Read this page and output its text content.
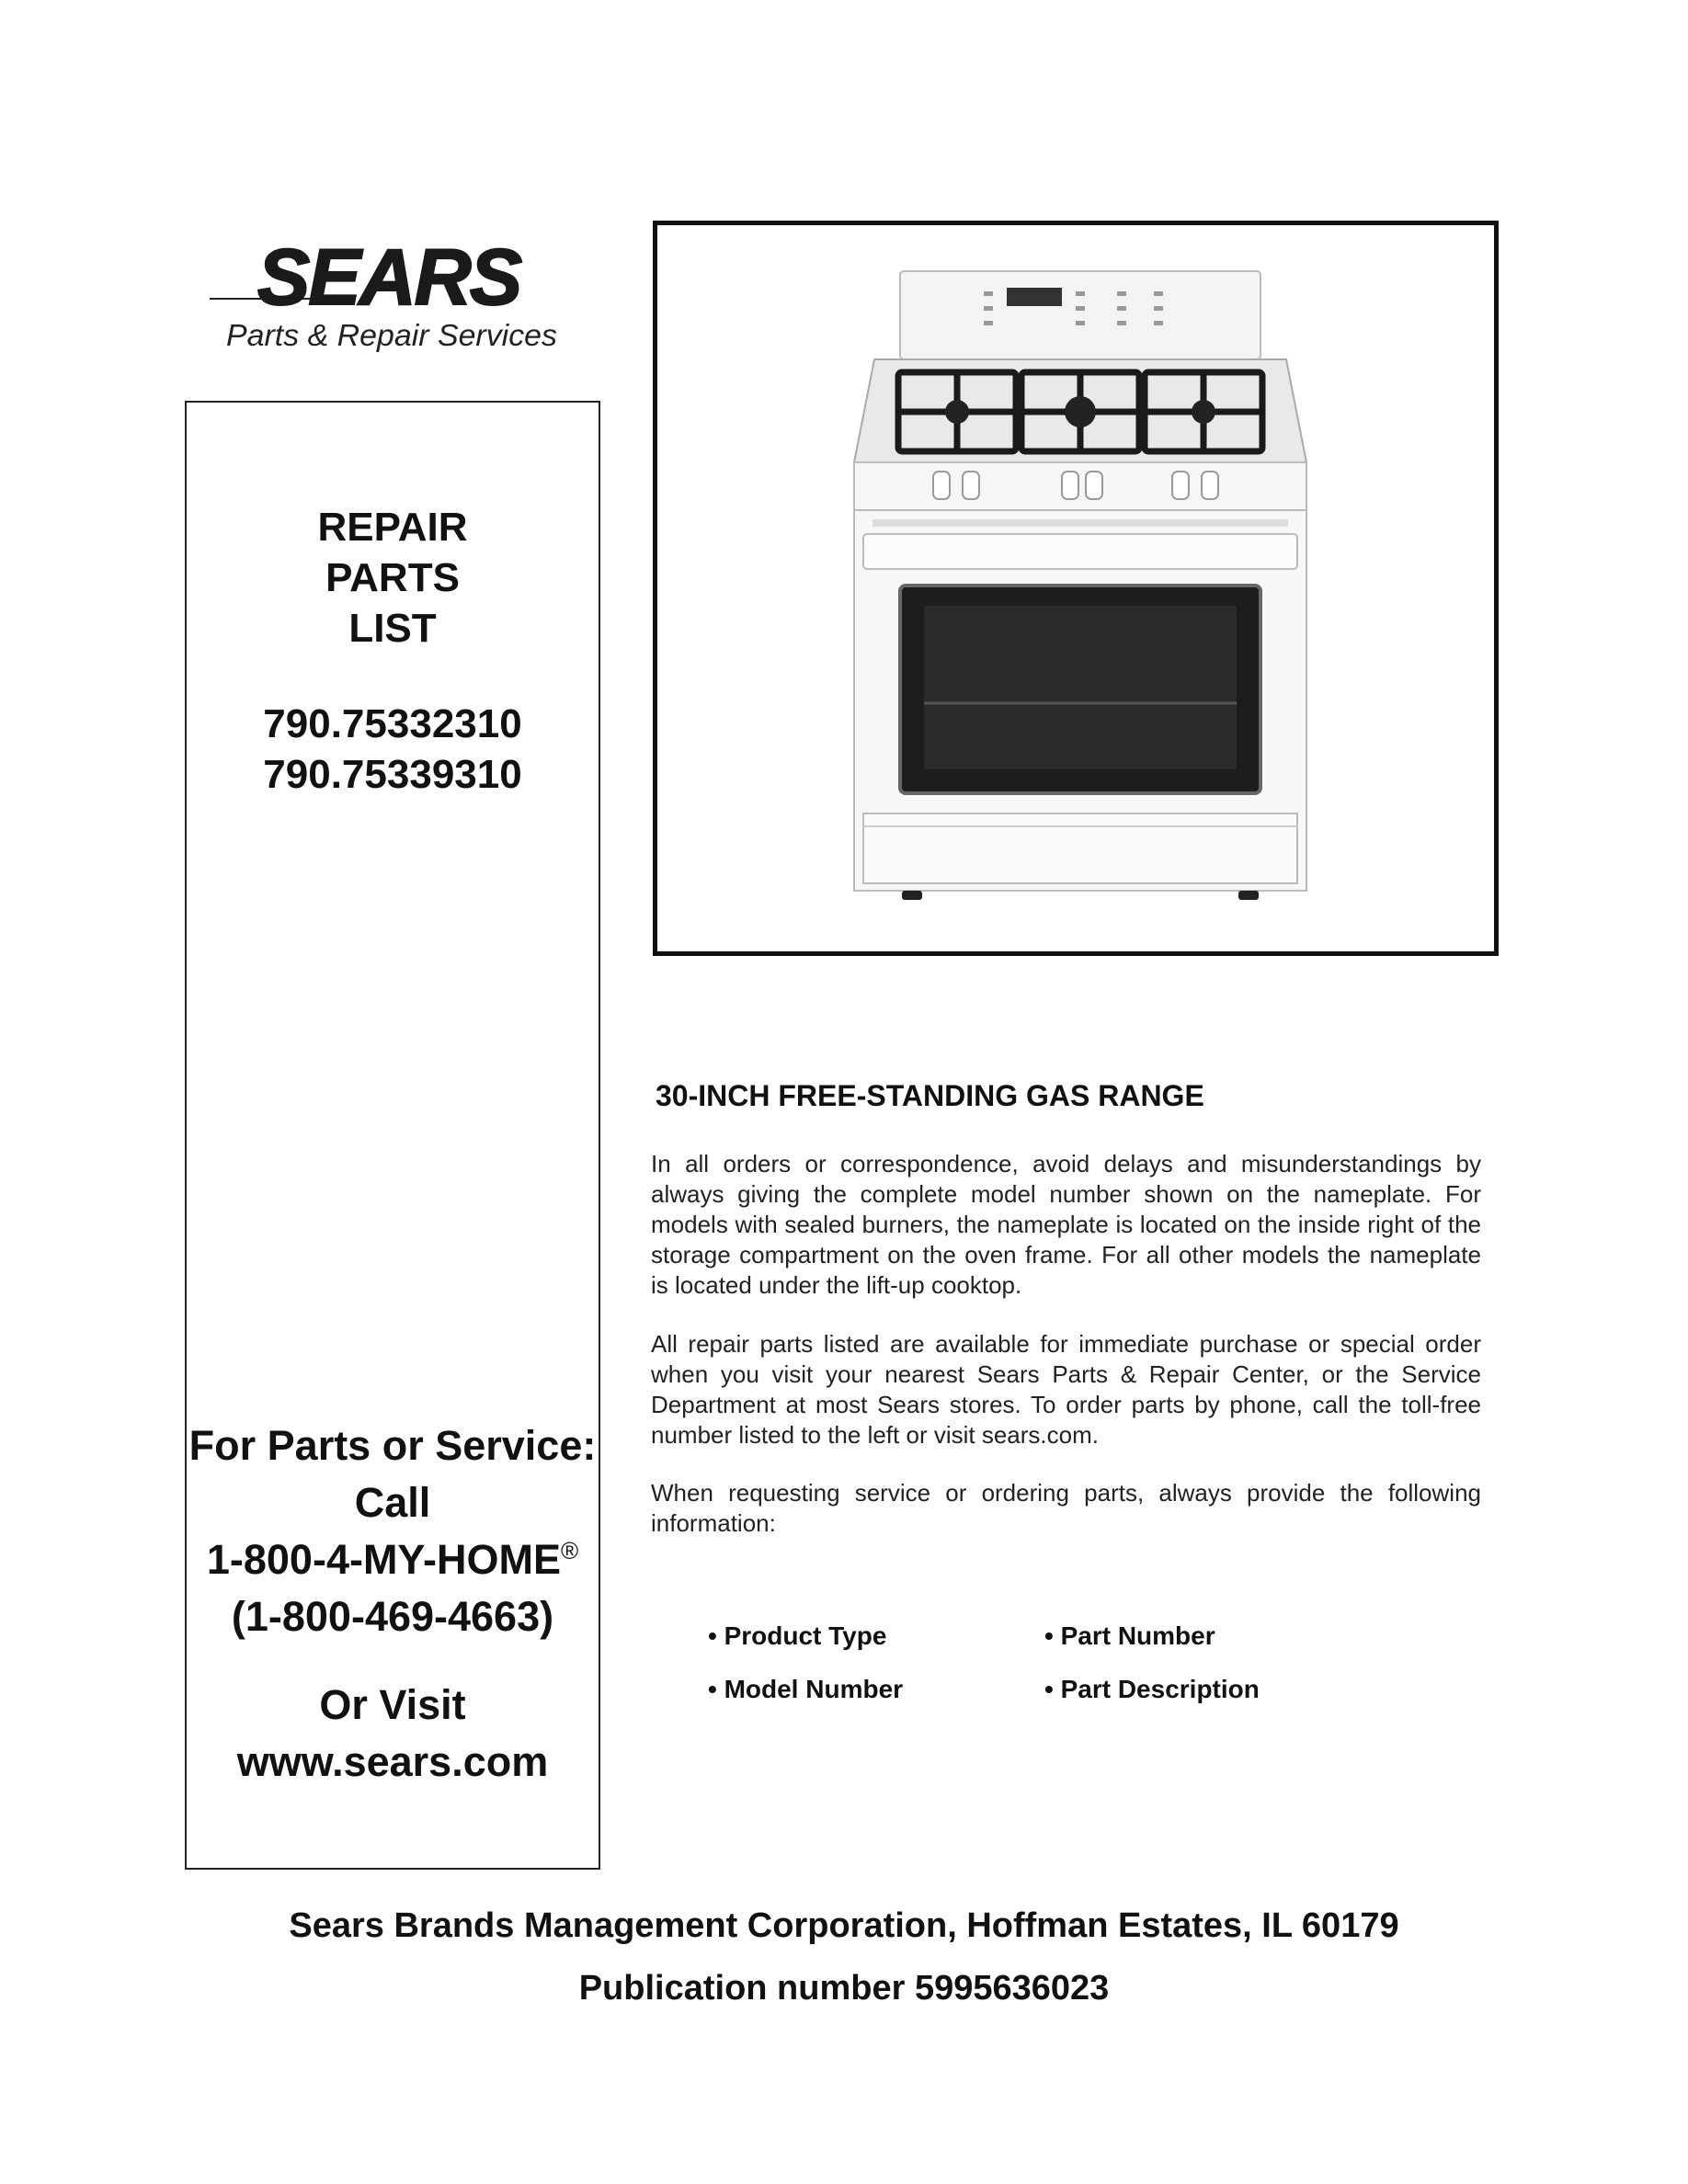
SEARS
Parts & Repair Services
REPAIR
PARTS
LIST
790.75332310
790.75339310
For Parts or Service:
Call
1-800-4-MY-HOME®
(1-800-469-4663)
Or Visit
www.sears.com
30-INCH FREE-STANDING GAS RANGE
In all orders or correspondence, avoid delays and misunderstandings by always giving the complete model number shown on the nameplate. For models with sealed burners, the nameplate is located on the inside right of the storage compartment on the oven frame. For all other models the nameplate is located under the lift-up cooktop.
All repair parts listed are available for immediate purchase or special order when you visit your nearest Sears Parts & Repair Center, or the Service Department at most Sears stores. To order parts by phone, call the toll-free number listed to the left or visit sears.com.
When requesting service or ordering parts, always provide the following information:
• Product Type	• Part Number
• Model Number	• Part Description
Sears Brands Management Corporation, Hoffman Estates, IL 60179
Publication number 5995636023
